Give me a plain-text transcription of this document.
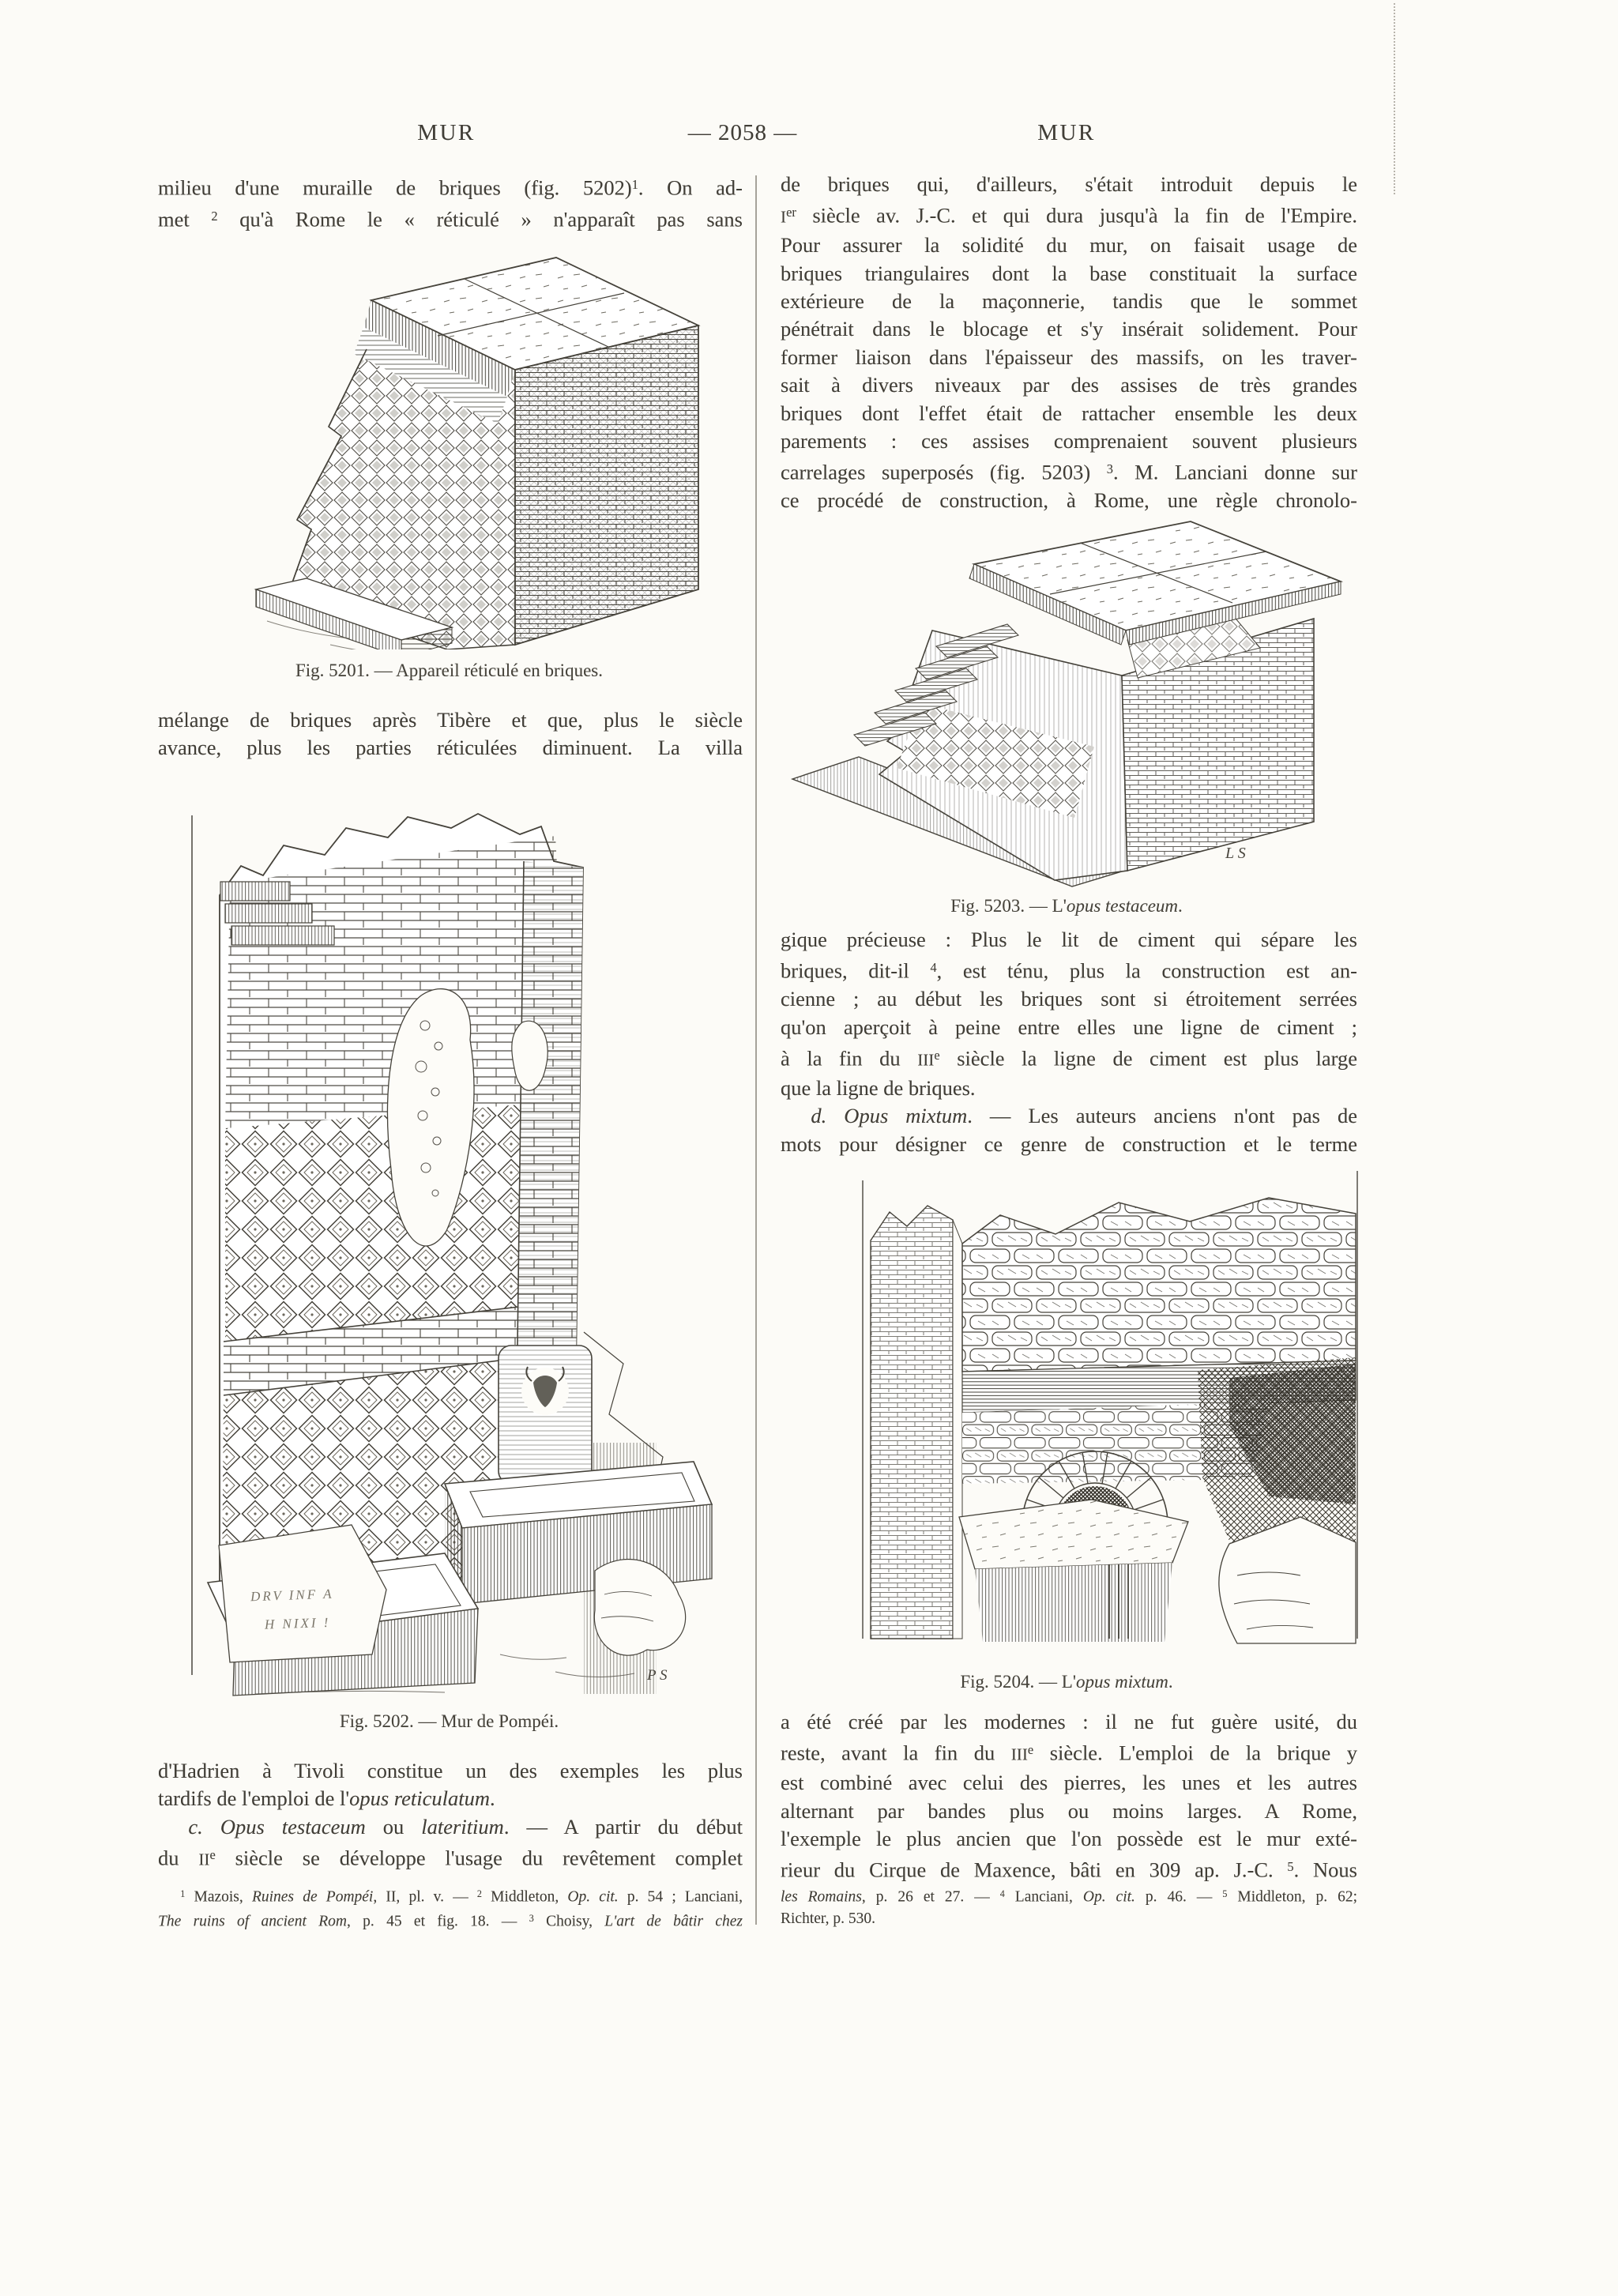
MUR	— 2058 —	MUR
milieu d'une muraille de briques (fig. 5202)$^1$. On ad-
met $^2$ qu'à Rome le « réticulé » n'apparaît pas sans
Fig. 5201. — Appareil réticulé en briques.
mélange de briques après Tibère et que, plus le siècle
avance, plus les parties réticulées diminuent. La villa
DRV INF A
H NIXI !
P S
Fig. 5202. — Mur de Pompéi.
d'Hadrien à Tivoli constitue un des exemples les plus
tardifs de l'emploi de l'opus reticulatum.
c. Opus testaceum ou lateritium. — A partir du début
du IIe siècle se développe l'usage du revêtement complet
$^1$ Mazois, Ruines de Pompéi, II, pl. v. — $^2$ Middleton, Op. cit. p. 54 ; Lanciani,
The ruins of ancient Rom, p. 45 et fig. 18. — $^3$ Choisy, L'art de bâtir chez
de briques qui, d'ailleurs, s'était introduit depuis le
Ier siècle av. J.-C. et qui dura jusqu'à la fin de l'Empire.
Pour assurer la solidité du mur, on faisait usage de
briques triangulaires dont la base constituait la surface
extérieure de la maçonnerie, tandis que le sommet
pénétrait dans le blocage et s'y insérait solidement. Pour
former liaison dans l'épaisseur des massifs, on les traver-
sait à divers niveaux par des assises de très grandes
briques dont l'effet était de rattacher ensemble les deux
parements : ces assises comprenaient souvent plusieurs
carrelages superposés (fig. 5203) $^3$. M. Lanciani donne sur
ce procédé de construction, à Rome, une règle chronolo-
L S
Fig. 5203. — L'opus testaceum.
gique précieuse : Plus le lit de ciment qui sépare les
briques, dit-il $^4$, est ténu, plus la construction est an-
cienne ; au début les briques sont si étroitement serrées
qu'on aperçoit à peine entre elles une ligne de ciment ;
à la fin du IIIe siècle la ligne de ciment est plus large
que la ligne de briques.
d. Opus mixtum. — Les auteurs anciens n'ont pas de
mots pour désigner ce genre de construction et le terme
Fig. 5204. — L'opus mixtum.
a été créé par les modernes : il ne fut guère usité, du
reste, avant la fin du IIIe siècle. L'emploi de la brique y
est combiné avec celui des pierres, les unes et les autres
alternant par bandes plus ou moins larges. A Rome,
l'exemple le plus ancien que l'on possède est le mur exté-
rieur du Cirque de Maxence, bâti en 309 ap. J.-C. $^5$. Nous
les Romains, p. 26 et 27. — $^4$ Lanciani, Op. cit. p. 46. — $^5$ Middleton, p. 62;
Richter, p. 530.
